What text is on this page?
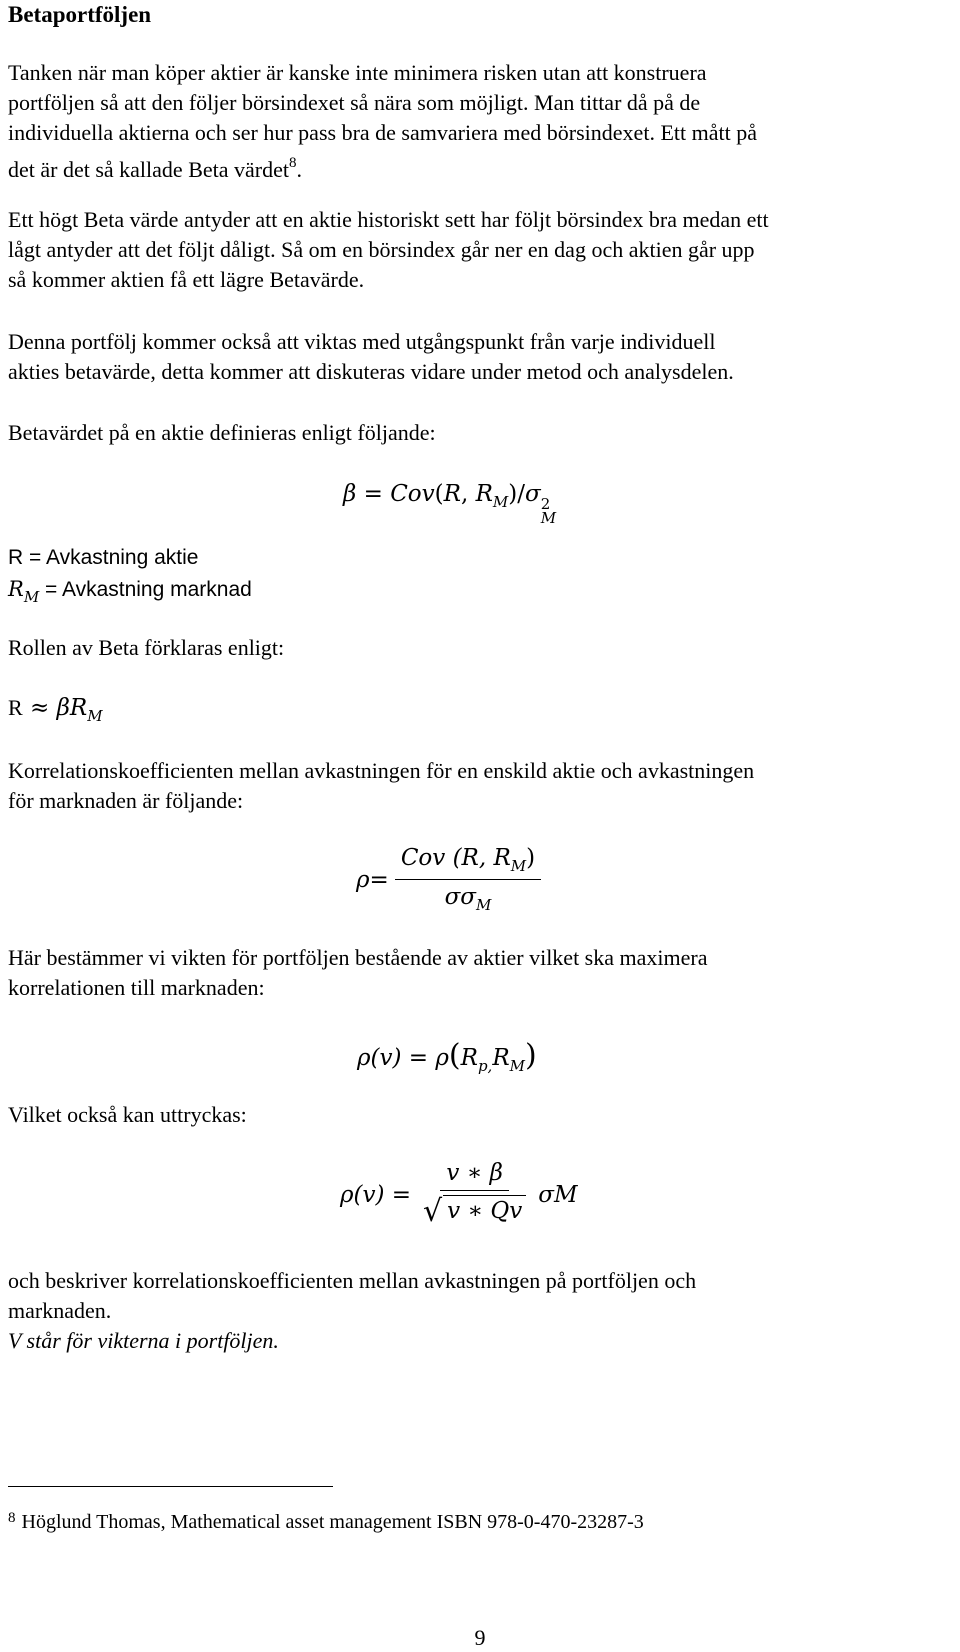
Betaportföljen
Tanken när man köper aktier är kanske inte minimera risken utan att konstruera
portföljen så att den följer börsindexet så nära som möjligt. Man tittar då på de
individuella aktierna och ser hur pass bra de samvariera med börsindexet. Ett mått på
det är det så kallade Beta värdet$^8$.
Ett högt Beta värde antyder att en aktie historiskt sett har följt börsindex bra medan ett
lågt antyder att det följt dåligt. Så om en börsindex går ner en dag och aktien går upp
så kommer aktien få ett lägre Betavärde.
Denna portfölj kommer också att viktas med utgångspunkt från varje individuell
akties betavärde, detta kommer att diskuteras vidare under metod och analysdelen.
Betavärdet på en aktie definieras enligt följande:
β = Cov(R, $R_M)/\sigma$ 2
M
R = Avkastning aktie
$R_M$ = Avkastning marknad
Rollen av Beta förklaras enligt:
$R \approx \beta R_M$
Korrelationskoefficienten mellan avkastningen för en enskild aktie och avkastningen
för marknaden är följande:
$\rho = \frac{Cov (R, R_M)}{\sigma\sigma_M}$
Här bestämmer vi vikten för portföljen bestående av aktier vilket ska maximera
korrelationen till marknaden:
$\rho(v) = \rho(R_{p,}R_M)$
Vilket också kan uttryckas:
$\rho(v) = \frac{v ∗ \beta}{√ v ∗ Qv}$ σM
och beskriver korrelationskoefficienten mellan avkastningen på portföljen och
marknaden.
V står för vikterna i portföljen.
$^8$ Höglund Thomas, Mathematical asset management ISBN 978-0-470-23287-3
9
